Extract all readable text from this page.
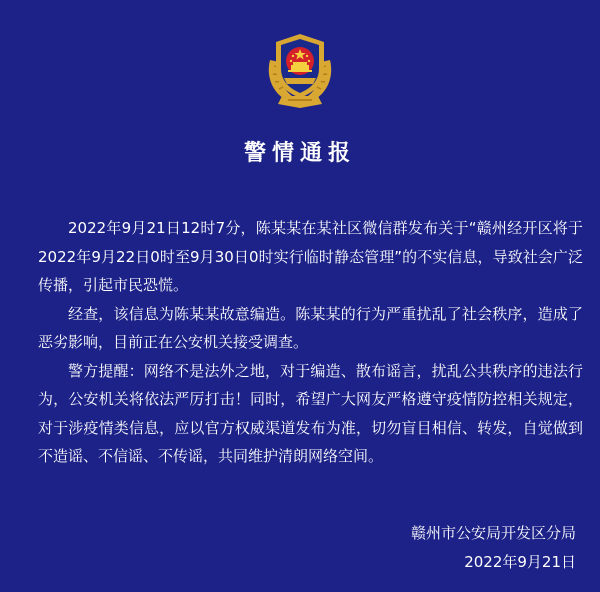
警情通报

2022年9月21日12时7分，陈某某在某社区微信群发布关于“赣州经开区将于2022年9月22日0时至9月30日0时实行临时静态管理”的不实信息，导致社会广泛传播，引起市民恐慌。

经查，该信息为陈某某故意编造。陈某某的行为严重扰乱了社会秩序，造成了恶劣影响，目前正在公安机关接受调查。

警方提醒：网络不是法外之地，对于编造、散布谣言，扰乱公共秩序的违法行为，公安机关将依法严厉打击！同时，希望广大网友严格遵守疫情防控相关规定，对于涉疫情类信息，应以官方权威渠道发布为准，切勿盲目相信、转发，自觉做到不造谣、不信谣、不传谣，共同维护清朗网络空间。

赣州市公安局开发区分局
2022年9月21日
